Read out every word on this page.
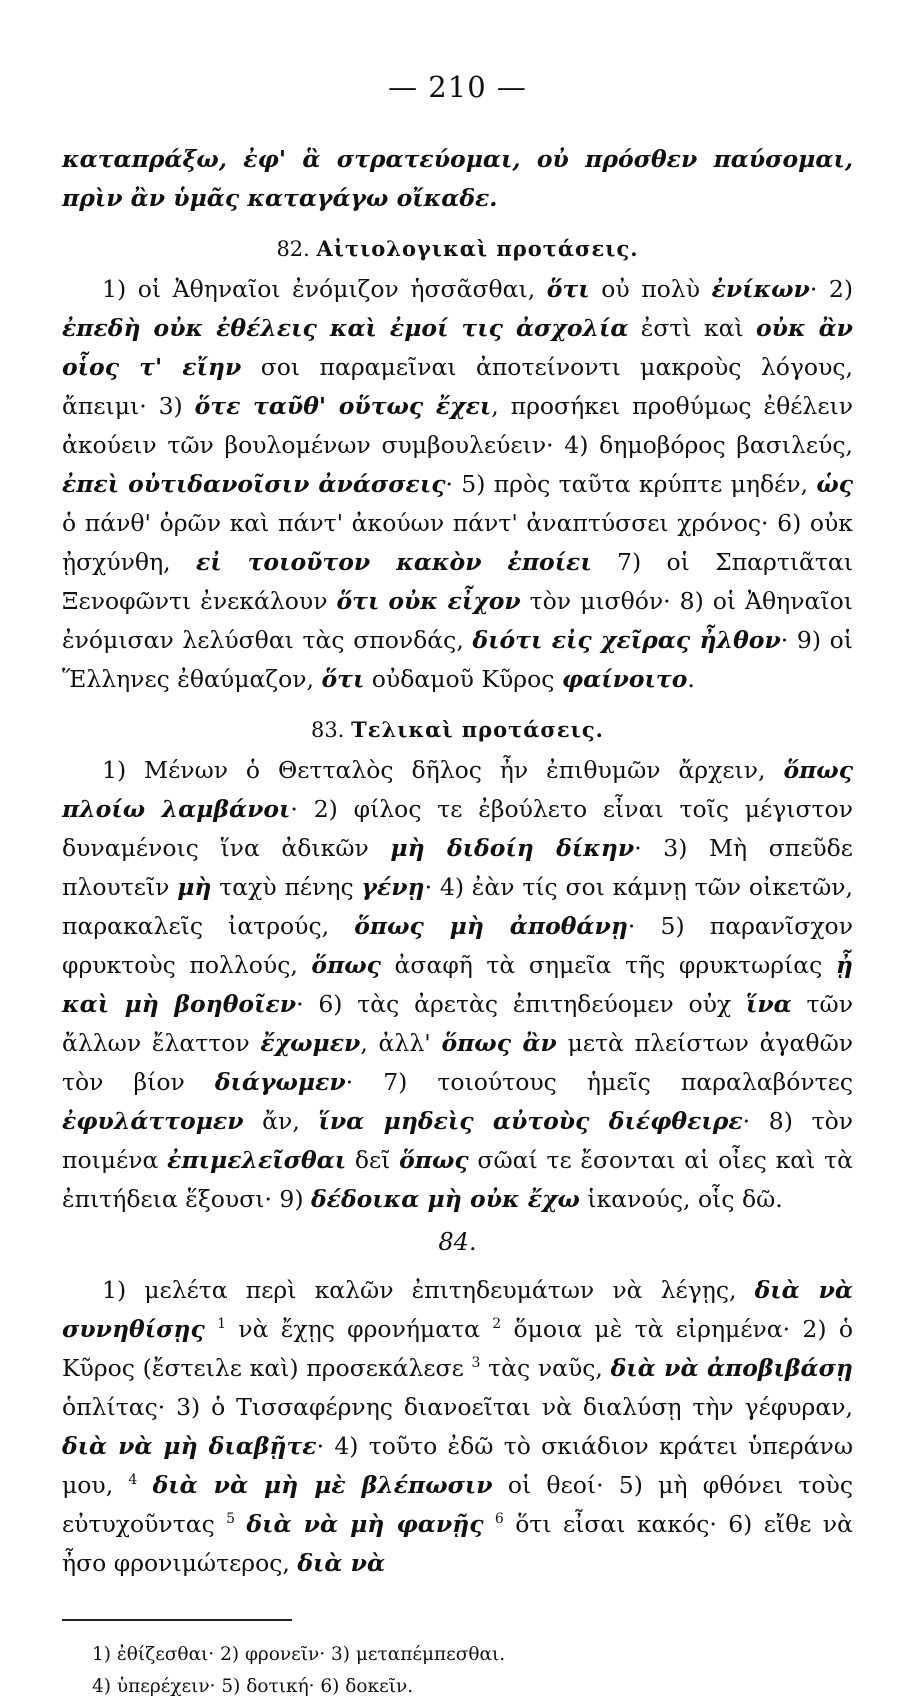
— 210 —

καταπράξω, ἐφ' ἃ στρατεύομαι, οὐ πρόσθεν παύσομαι, πρὶν ἂν ὑμᾶς καταγάγω οἴκαδε.

82. Αἰτιολογικαὶ προτάσεις.

1) οἱ Ἀθηναῖοι ἐνόμιζον ἡσσᾶσθαι, ὅτι οὐ πολὺ ἐνίκων· 2) ἐπεδὴ οὐκ ἐθέλεις καὶ ἐμοί τις ἀσχολία ἐστὶ καὶ οὐκ ἂν οἷος τ' εἴην σοι παραμεῖναι ἀποτείνοντι μακροὺς λόγους, ἄπειμι· 3) ὅτε ταῦθ' οὕτως ἔχει, προσήκει προθύμως ἐθέλειν ἀκούειν τῶν βουλομένων συμβουλεύειν· 4) δημοβόρος βασιλεύς, ἐπεὶ οὐτιδανοῖσιν ἀνάσσεις· 5) πρὸς ταῦτα κρύπτε μηδέν, ὡς ὁ πάνθ' ὁρῶν καὶ πάντ' ἀκούων πάντ' ἀναπτύσσει χρόνος· 6) οὐκ ᾐσχύνθη, εἰ τοιοῦτον κακὸν ἐποίει 7) οἱ Σπαρτιᾶται Ξενοφῶντι ἐνεκάλουν ὅτι οὐκ εἶχον τὸν μισθόν· 8) οἱ Ἀθηναῖοι ἐνόμισαν λελύσθαι τὰς σπονδάς, διότι εἰς χεῖρας ἦλθον· 9) οἱ Ἕλληνες ἐθαύμαζον, ὅτι οὐδαμοῦ Κῦρος φαίνοιτο.

83. Τελικαὶ προτάσεις.

1) Μένων ὁ Θετταλὸς δῆλος ἦν ἐπιθυμῶν ἄρχειν, ὅπως πλοίω λαμβάνοι· 2) φίλος τε ἐβούλετο εἶναι τοῖς μέγιστον δυναμένοις ἵνα ἀδικῶν μὴ διδοίη δίκην· 3) Μὴ σπεῦδε πλουτεῖν μὴ ταχὺ πένης γένῃ· 4) ἐὰν τίς σοι κάμνῃ τῶν οἰκετῶν, παρακαλεῖς ἰατρούς, ὅπως μὴ ἀποθάνῃ· 5) παρανῖσχον φρυκτοὺς πολλούς, ὅπως ἀσαφῆ τὰ σημεῖα τῆς φρυκτωρίας ᾖ καὶ μὴ βοηθοῖεν· 6) τὰς ἀρετὰς ἐπιτηδεύομεν οὐχ ἵνα τῶν ἄλλων ἔλαττον ἔχωμεν, ἀλλ' ὅπως ἂν μετὰ πλείστων ἀγαθῶν τὸν βίον διάγωμεν· 7) τοιούτους ἡμεῖς παραλαβόντες ἐφυλάττομεν ἄν, ἵνα μηδεὶς αὐτοὺς διέφθειρε· 8) τὸν ποιμένα ἐπιμελεῖσθαι δεῖ ὅπως σῶαί τε ἔσονται αἱ οἶες καὶ τὰ ἐπιτήδεια ἕξουσι· 9) δέδοικα μὴ οὐκ ἔχω ἱκανούς, οἷς δῶ.

84.

1) μελέτα περὶ καλῶν ἐπιτηδευμάτων νὰ λέγῃς, διὰ νὰ συνηθίσῃς $^1$ νὰ ἔχῃς φρονήματα $^2$ ὅμοια μὲ τὰ εἰρημένα· 2) ὁ Κῦρος (ἔστειλε καὶ) προσεκάλεσε $^3$ τὰς ναῦς, διὰ νὰ ἀποβιβάσῃ ὁπλίτας· 3) ὁ Τισσαφέρνης διανοεῖται νὰ διαλύσῃ τὴν γέφυραν, διὰ νὰ μὴ διαβῇτε· 4) τοῦτο ἐδῶ τὸ σκιάδιον κράτει ὑπεράνω μου, $^4$ διὰ νὰ μὴ μὲ βλέπωσιν οἱ θεοί· 5) μὴ φθόνει τοὺς εὐτυχοῦντας $^5$ διὰ νὰ μὴ φανῇς $^6$ ὅτι εἶσαι κακός· 6) εἴθε νὰ ἦσο φρονιμώτερος, διὰ νὰ

1) ἐθίζεσθαι· 2) φρονεῖν· 3) μεταπέμπεσθαι.
4) ὑπερέχειν· 5) δοτική· 6) δοκεῖν.
